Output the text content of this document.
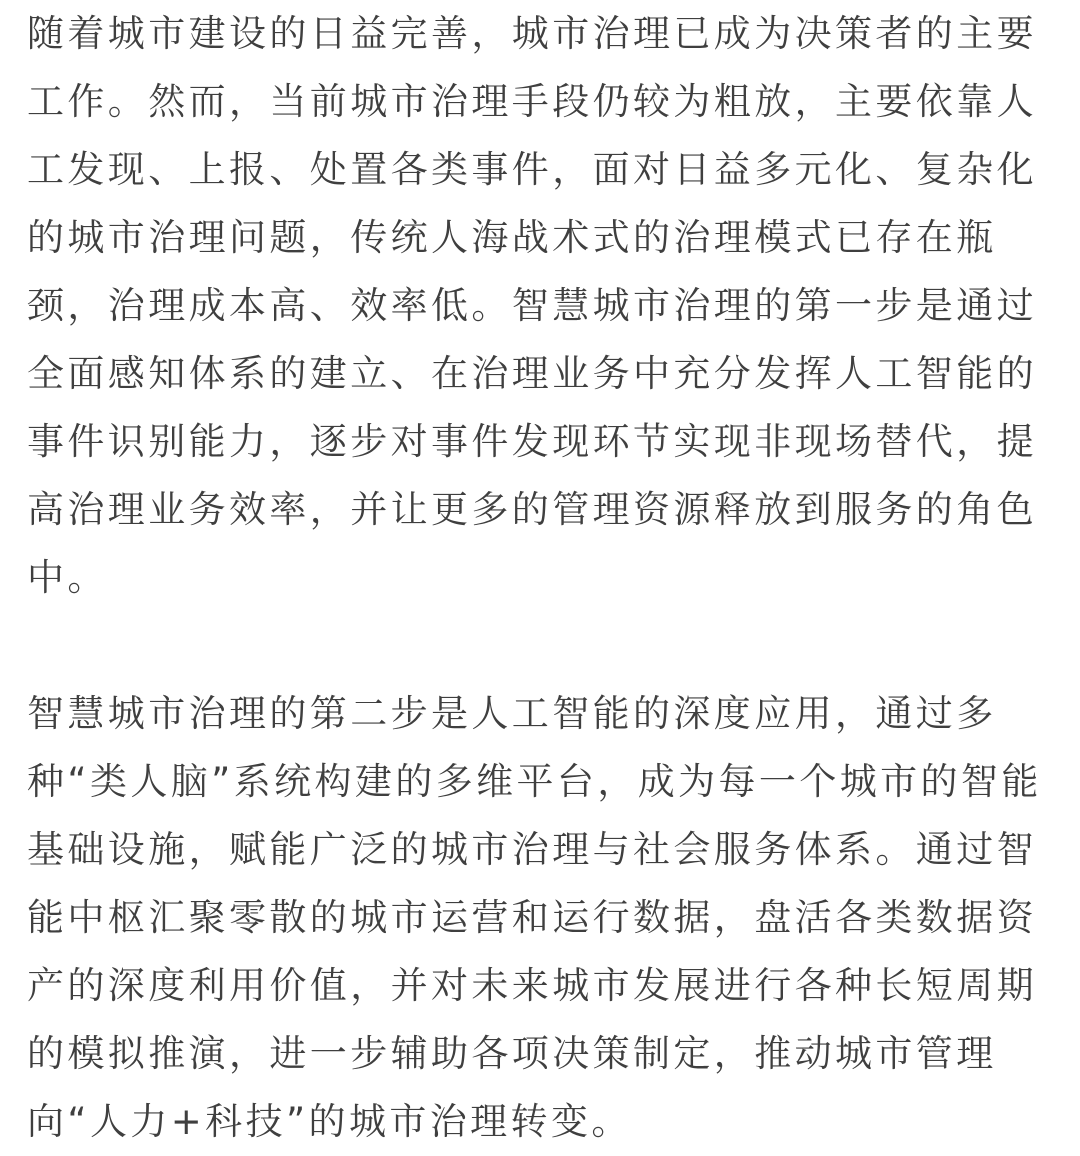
随着城市建设的日益完善，城市治理已成为决策者的主要
工作。然而，当前城市治理手段仍较为粗放，主要依靠人
工发现、上报、处置各类事件，面对日益多元化、复杂化
的城市治理问题，传统人海战术式的治理模式已存在瓶
颈，治理成本高、效率低。智慧城市治理的第一步是通过
全面感知体系的建立、在治理业务中充分发挥人工智能的
事件识别能力，逐步对事件发现环节实现非现场替代，提
高治理业务效率，并让更多的管理资源释放到服务的角色
中。

智慧城市治理的第二步是人工智能的深度应用，通过多
种“类人脑”系统构建的多维平台，成为每一个城市的智能
基础设施，赋能广泛的城市治理与社会服务体系。通过智
能中枢汇聚零散的城市运营和运行数据，盘活各类数据资
产的深度利用价值，并对未来城市发展进行各种长短周期
的模拟推演，进一步辅助各项决策制定，推动城市管理
向“人力+科技”的城市治理转变。
